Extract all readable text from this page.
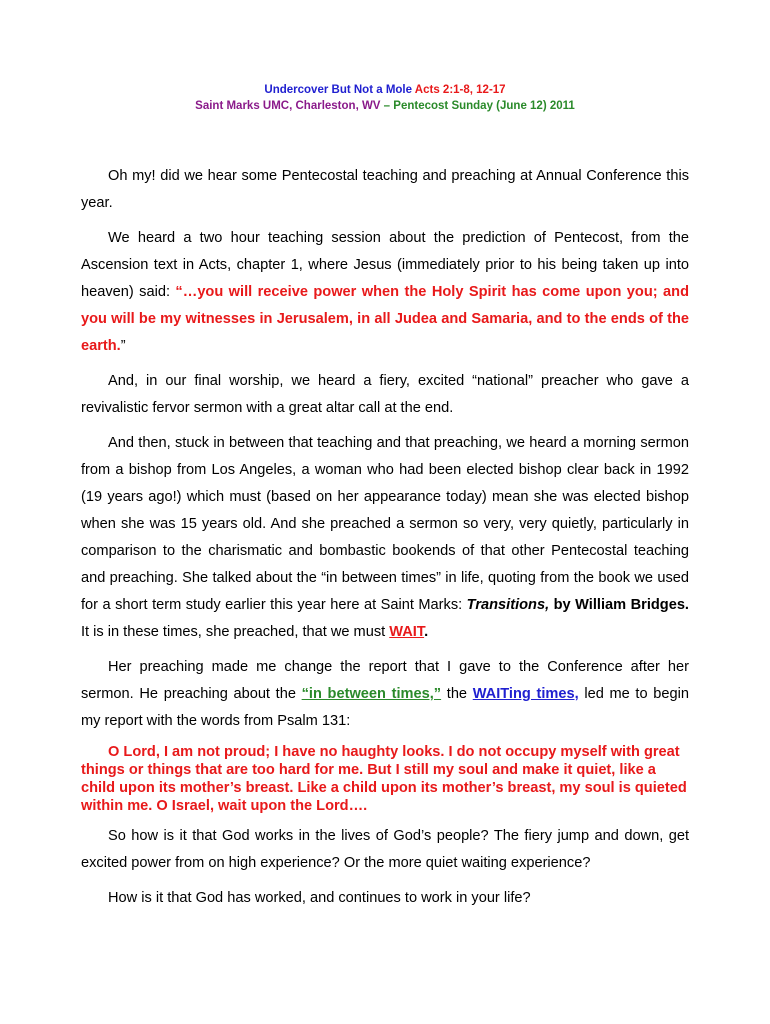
Undercover But Not a Mole Acts 2:1-8, 12-17
Saint Marks UMC, Charleston, WV – Pentecost Sunday (June 12) 2011

Oh my! did we hear some Pentecostal teaching and preaching at Annual Conference this year.

We heard a two hour teaching session about the prediction of Pentecost, from the Ascension text in Acts, chapter 1, where Jesus (immediately prior to his being taken up into heaven) said: “…you will receive power when the Holy Spirit has come upon you; and you will be my witnesses in Jerusalem, in all Judea and Samaria, and to the ends of the earth.”

And, in our final worship, we heard a fiery, excited “national” preacher who gave a revivalistic fervor sermon with a great altar call at the end.

And then, stuck in between that teaching and that preaching, we heard a morning sermon from a bishop from Los Angeles, a woman who had been elected bishop clear back in 1992 (19 years ago!) which must (based on her appearance today) mean she was elected bishop when she was 15 years old. And she preached a sermon so very, very quietly, particularly in comparison to the charismatic and bombastic bookends of that other Pentecostal teaching and preaching. She talked about the “in between times” in life, quoting from the book we used for a short term study earlier this year here at Saint Marks: Transitions, by William Bridges. It is in these times, she preached, that we must WAIT.

Her preaching made me change the report that I gave to the Conference after her sermon. He preaching about the “in between times,” the WAITing times, led me to begin my report with the words from Psalm 131:

O Lord, I am not proud; I have no haughty looks. I do not occupy myself with great things or things that are too hard for me. But I still my soul and make it quiet, like a child upon its mother’s breast. Like a child upon its mother’s breast, my soul is quieted within me. O Israel, wait upon the Lord….

So how is it that God works in the lives of God’s people? The fiery jump and down, get excited power from on high experience? Or the more quiet waiting experience?

How is it that God has worked, and continues to work in your life?
